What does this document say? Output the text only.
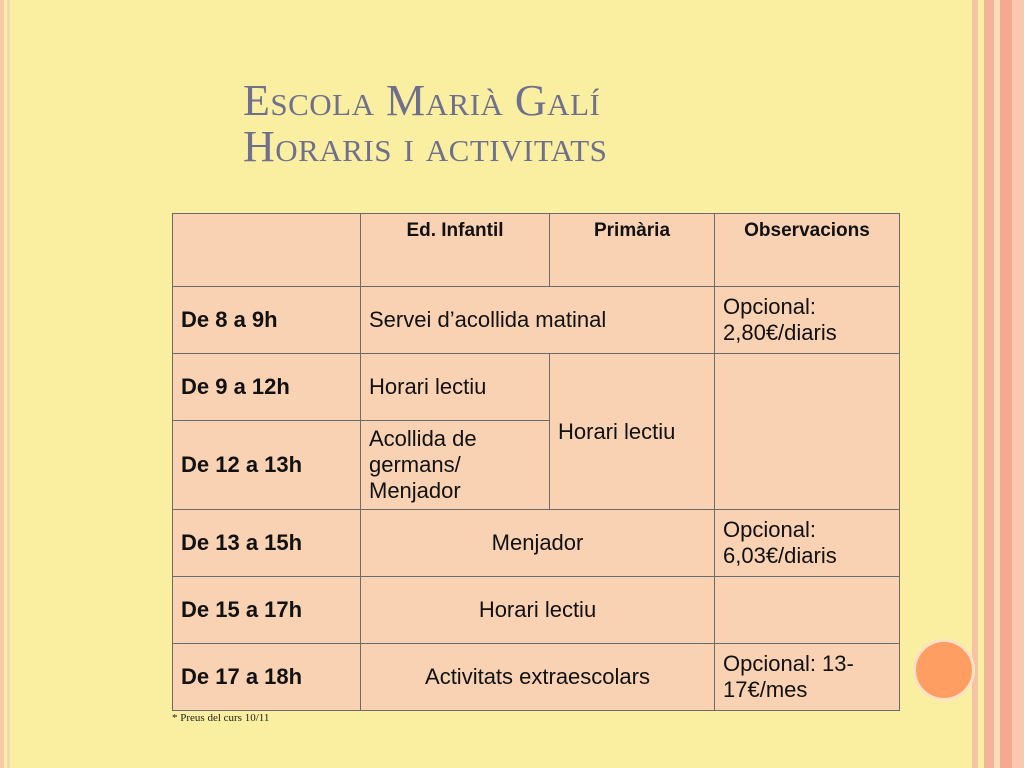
Escola Marià Galí
Horaris i activitats
	Ed. Infantil	Primària	Observacions
De 8 a 9h	Servei d’acollida matinal		Opcional:
2,80€/diaris

De 9 a 12h	Horari lectiu	Horari lectiu	
De 12 a 13h	Acollida de
germans/
Menjador		

De 13 a 15h	Menjador		Opcional:
6,03€/diaris

De 15 a 17h	Horari lectiu		
De 17 a 18h	Activitats extraescolars		Opcional: 13-
17€/mes
* Preus del curs 10/11
